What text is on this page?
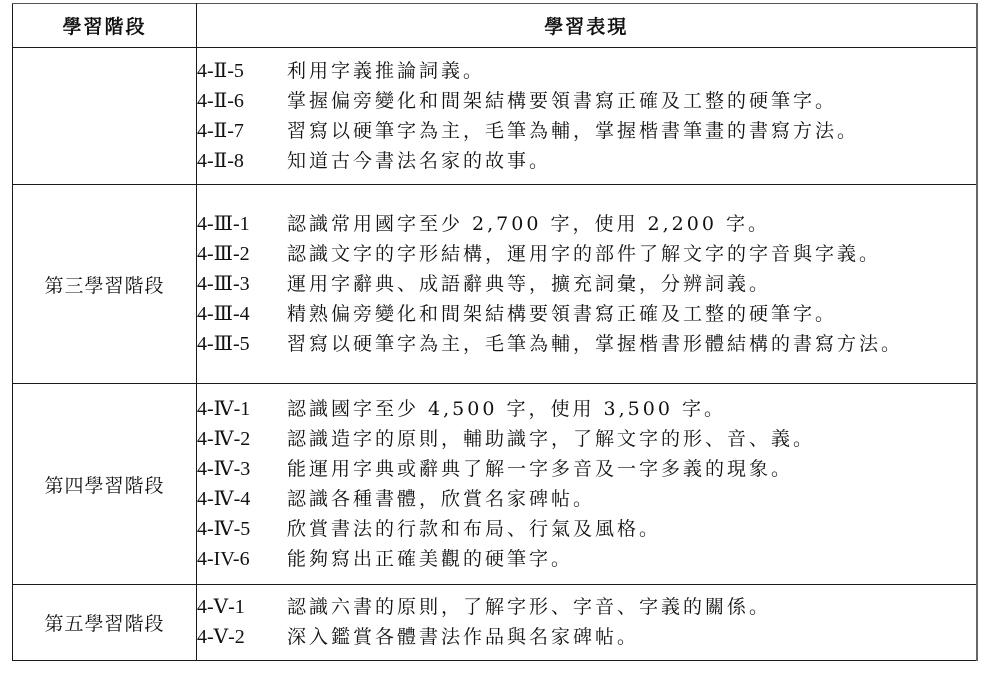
學習階段	學習表現

4-Ⅱ-5	利用字義推論詞義。
4-Ⅱ-6	掌握偏旁變化和間架結構要領書寫正確及工整的硬筆字。
4-Ⅱ-7	習寫以硬筆字為主，毛筆為輔，掌握楷書筆畫的書寫方法。
4-Ⅱ-8	知道古今書法名家的故事。

第三學習階段	
4-Ⅲ-1	認識常用國字至少 2,700 字，使用 2,200 字。
4-Ⅲ-2	認識文字的字形結構，運用字的部件了解文字的字音與字義。
4-Ⅲ-3	運用字辭典、成語辭典等，擴充詞彙，分辨詞義。
4-Ⅲ-4	精熟偏旁變化和間架結構要領書寫正確及工整的硬筆字。
4-Ⅲ-5	習寫以硬筆字為主，毛筆為輔，掌握楷書形體結構的書寫方法。

第四學習階段	
4-Ⅳ-1	認識國字至少 4,500 字，使用 3,500 字。
4-Ⅳ-2	認識造字的原則，輔助識字，了解文字的形、音、義。
4-Ⅳ-3	能運用字典或辭典了解一字多音及一字多義的現象。
4-Ⅳ-4	認識各種書體，欣賞名家碑帖。
4-Ⅳ-5	欣賞書法的行款和布局、行氣及風格。
4-IV-6	能夠寫出正確美觀的硬筆字。

第五學習階段	4-Ⅴ-1 認識六書的原則，了解字形、字音、字義的關係。
4-Ⅴ-2 深入鑑賞各體書法作品與名家碑帖。
